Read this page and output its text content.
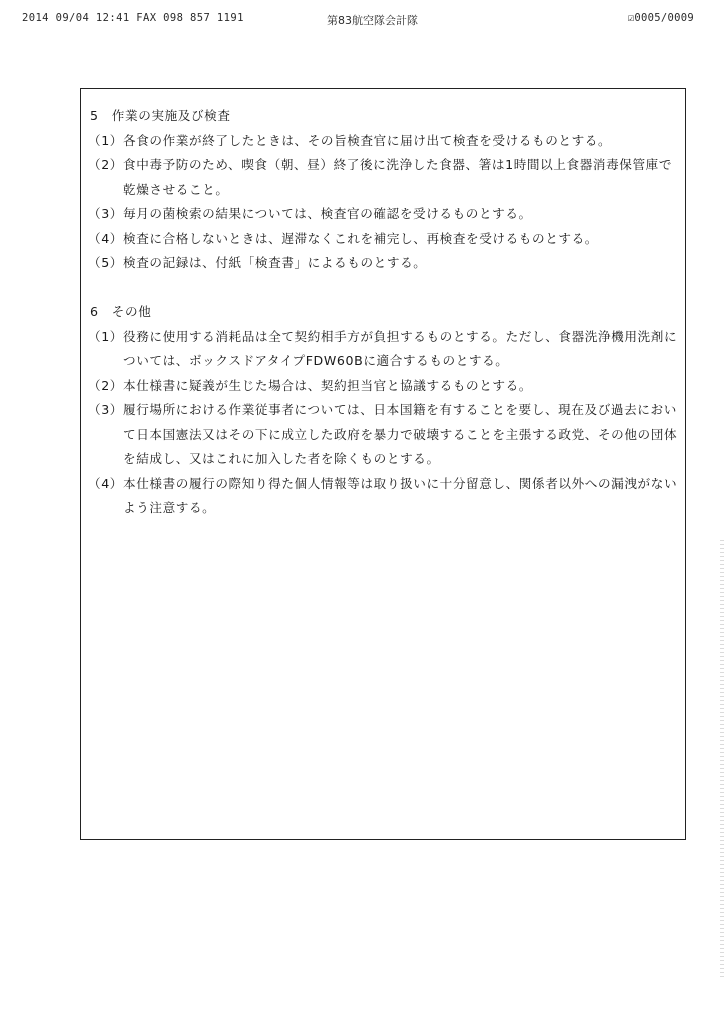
2014 09/04 12:41 FAX 098 857 1191	第83航空隊会計隊	☑0005/0009
5　作業の実施及び検査
（1） 各食の作業が終了したときは、その旨検査官に届け出て検査を受けるものとする。
（2） 食中毒予防のため、喫食（朝、昼）終了後に洗浄した食器、箸は1時間以上食器消毒保管庫で乾燥させること。
（3） 毎月の菌検索の結果については、検査官の確認を受けるものとする。
（4） 検査に合格しないときは、遅滞なくこれを補完し、再検査を受けるものとする。
（5） 検査の記録は、付紙「検査書」によるものとする。
6　その他
（1） 役務に使用する消耗品は全て契約相手方が負担するものとする。ただし、食器洗浄機用洗剤については、ボックスドアタイプFDW60Bに適合するものとする。
（2） 本仕様書に疑義が生じた場合は、契約担当官と協議するものとする。
（3） 履行場所における作業従事者については、日本国籍を有することを要し、現在及び過去において日本国憲法又はその下に成立した政府を暴力で破壊することを主張する政党、その他の団体を結成し、又はこれに加入した者を除くものとする。
（4） 本仕様書の履行の際知り得た個人情報等は取り扱いに十分留意し、関係者以外への漏洩がないよう注意する。
